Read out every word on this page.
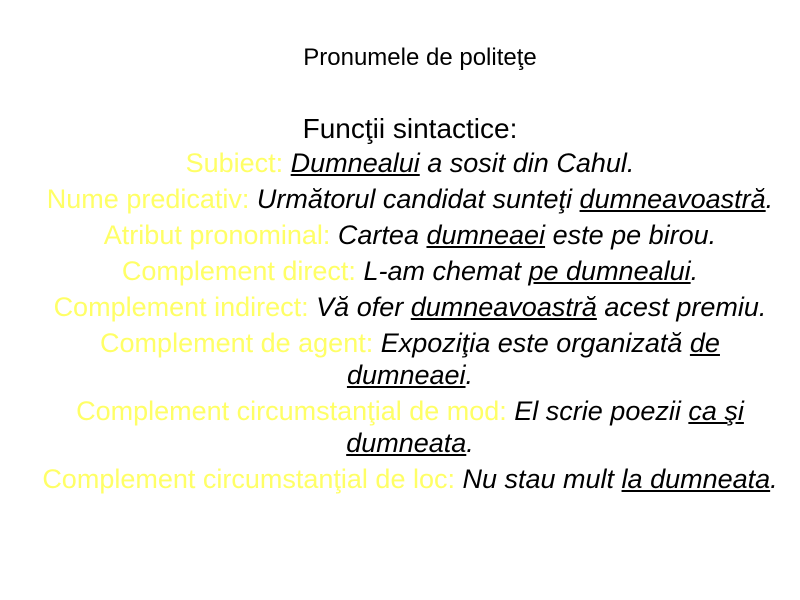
Pronumele de politeţe
Funcţii sintactice:
Subiect: Dumnealui a sosit din Cahul.
Nume predicativ: Următorul candidat sunteţi dumneavoastră.
Atribut pronominal: Cartea dumneaei este pe birou.
Complement direct: L-am chemat pe dumnealui.
Complement indirect: Vă ofer dumneavoastră acest premiu.
Complement de agent: Expoziţia este organizată de dumneaei.
Complement circumstanţial de mod: El scrie poezii ca şi dumneata.
Complement circumstanţial de loc: Nu stau mult la dumneata.
